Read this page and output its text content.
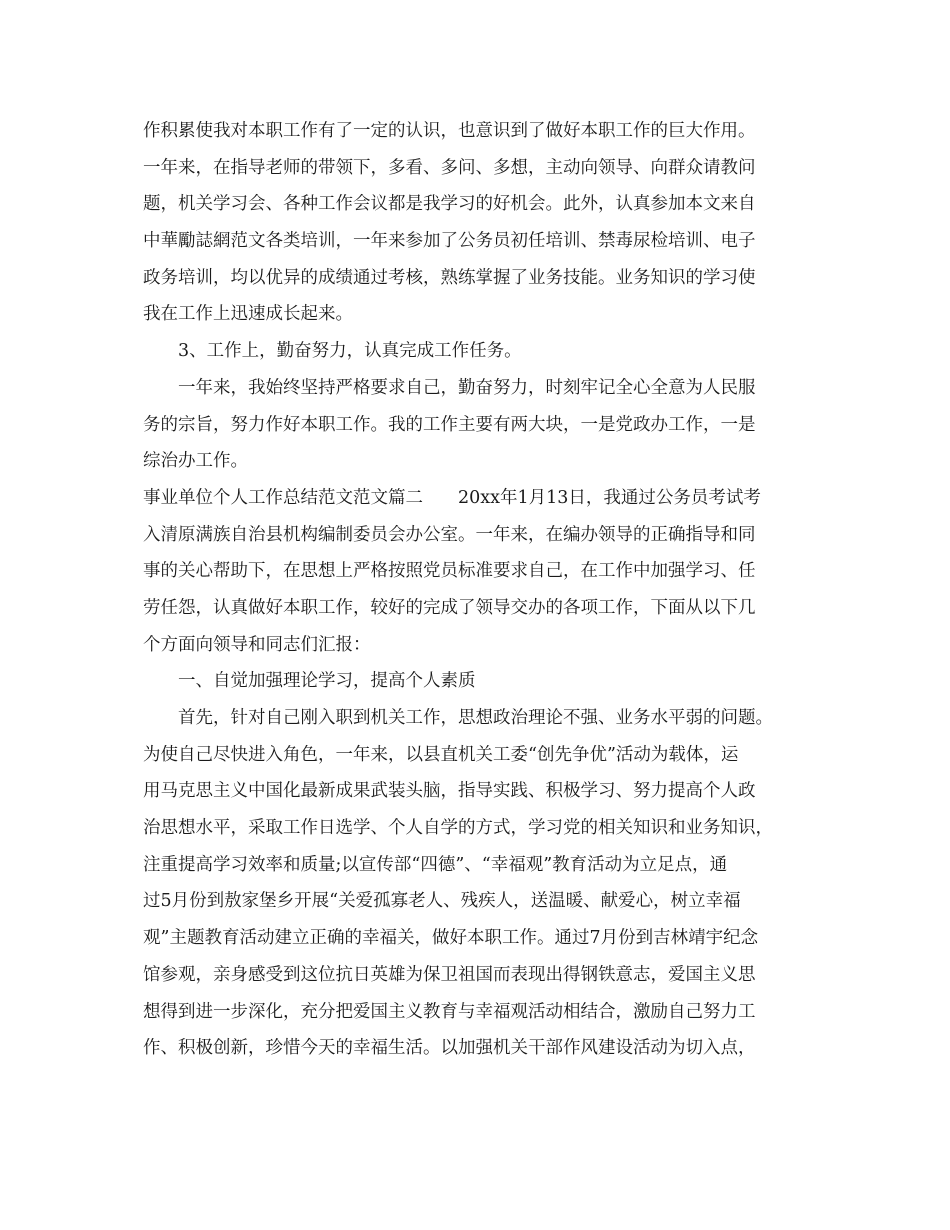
作积累使我对本职工作有了一定的认识，也意识到了做好本职工作的巨大作用。
一年来，在指导老师的带领下，多看、多问、多想，主动向领导、向群众请教问
题，机关学习会、各种工作会议都是我学习的好机会。此外，认真参加本文来自
中華勵誌網范文各类培训，一年来参加了公务员初任培训、禁毒尿检培训、电子
政务培训，均以优异的成绩通过考核，熟练掌握了业务技能。业务知识的学习使
我在工作上迅速成长起来。
3、工作上，勤奋努力，认真完成工作任务。
一年来，我始终坚持严格要求自己，勤奋努力，时刻牢记全心全意为人民服
务的宗旨，努力作好本职工作。我的工作主要有两大块，一是党政办工作，一是
综治办工作。
事业单位个人工作总结范文范文篇二　　20xx年1月13日，我通过公务员考试考
入清原满族自治县机构编制委员会办公室。一年来，在编办领导的正确指导和同
事的关心帮助下，在思想上严格按照党员标准要求自己，在工作中加强学习、任
劳任怨，认真做好本职工作，较好的完成了领导交办的各项工作，下面从以下几
个方面向领导和同志们汇报：
一、自觉加强理论学习，提高个人素质
首先，针对自己刚入职到机关工作，思想政治理论不强、业务水平弱的问题。
为使自己尽快进入角色，一年来，以县直机关工委“创先争优”活动为载体，运
用马克思主义中国化最新成果武装头脑，指导实践、积极学习、努力提高个人政
治思想水平，采取工作日选学、个人自学的方式，学习党的相关知识和业务知识，
注重提高学习效率和质量;以宣传部“四德”、“幸福观”教育活动为立足点，通
过5月份到敖家堡乡开展“关爱孤寡老人、残疾人，送温暖、献爱心，树立幸福
观”主题教育活动建立正确的幸福关，做好本职工作。通过7月份到吉林靖宇纪念
馆参观，亲身感受到这位抗日英雄为保卫祖国而表现出得钢铁意志，爱国主义思
想得到进一步深化，充分把爱国主义教育与幸福观活动相结合，激励自己努力工
作、积极创新，珍惜今天的幸福生活。以加强机关干部作风建设活动为切入点，
